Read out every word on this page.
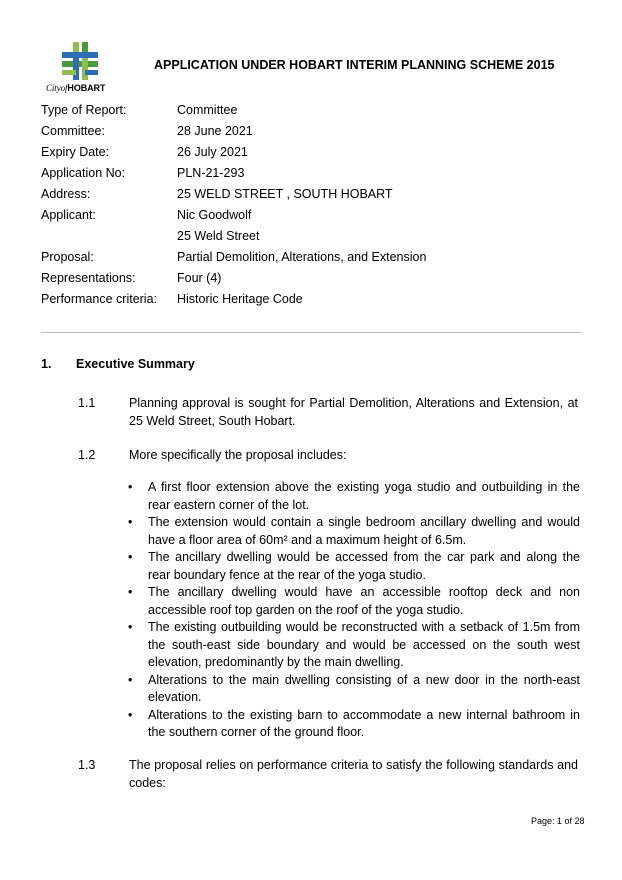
CityofHOBART
APPLICATION UNDER HOBART INTERIM PLANNING SCHEME 2015
Type of Report:	Committee
Committee:	28 June 2021
Expiry Date:	26 July 2021
Application No:	PLN-21-293
Address:	25 WELD STREET , SOUTH HOBART
Applicant:	Nic Goodwolf
25 Weld Street
Proposal:	Partial Demolition, Alterations, and Extension
Representations:	Four (4)
Performance criteria:	Historic Heritage Code
1.	Executive Summary
1.1	Planning approval is sought for Partial Demolition, Alterations and Extension, at 25 Weld Street, South Hobart.
1.2	More specifically the proposal includes:
• A first floor extension above the existing yoga studio and outbuilding in the rear eastern corner of the lot.
• The extension would contain a single bedroom ancillary dwelling and would have a floor area of 60m² and a maximum height of 6.5m.
• The ancillary dwelling would be accessed from the car park and along the rear boundary fence at the rear of the yoga studio.
• The ancillary dwelling would have an accessible rooftop deck and non accessible roof top garden on the roof of the yoga studio.
• The existing outbuilding would be reconstructed with a setback of 1.5m from the south-east side boundary and would be accessed on the south west elevation, predominantly by the main dwelling.
• Alterations to the main dwelling consisting of a new door in the north-east elevation.
• Alterations to the existing barn to accommodate a new internal bathroom in the southern corner of the ground floor.
1.3	The proposal relies on performance criteria to satisfy the following standards and codes:
Page: 1 of 28
